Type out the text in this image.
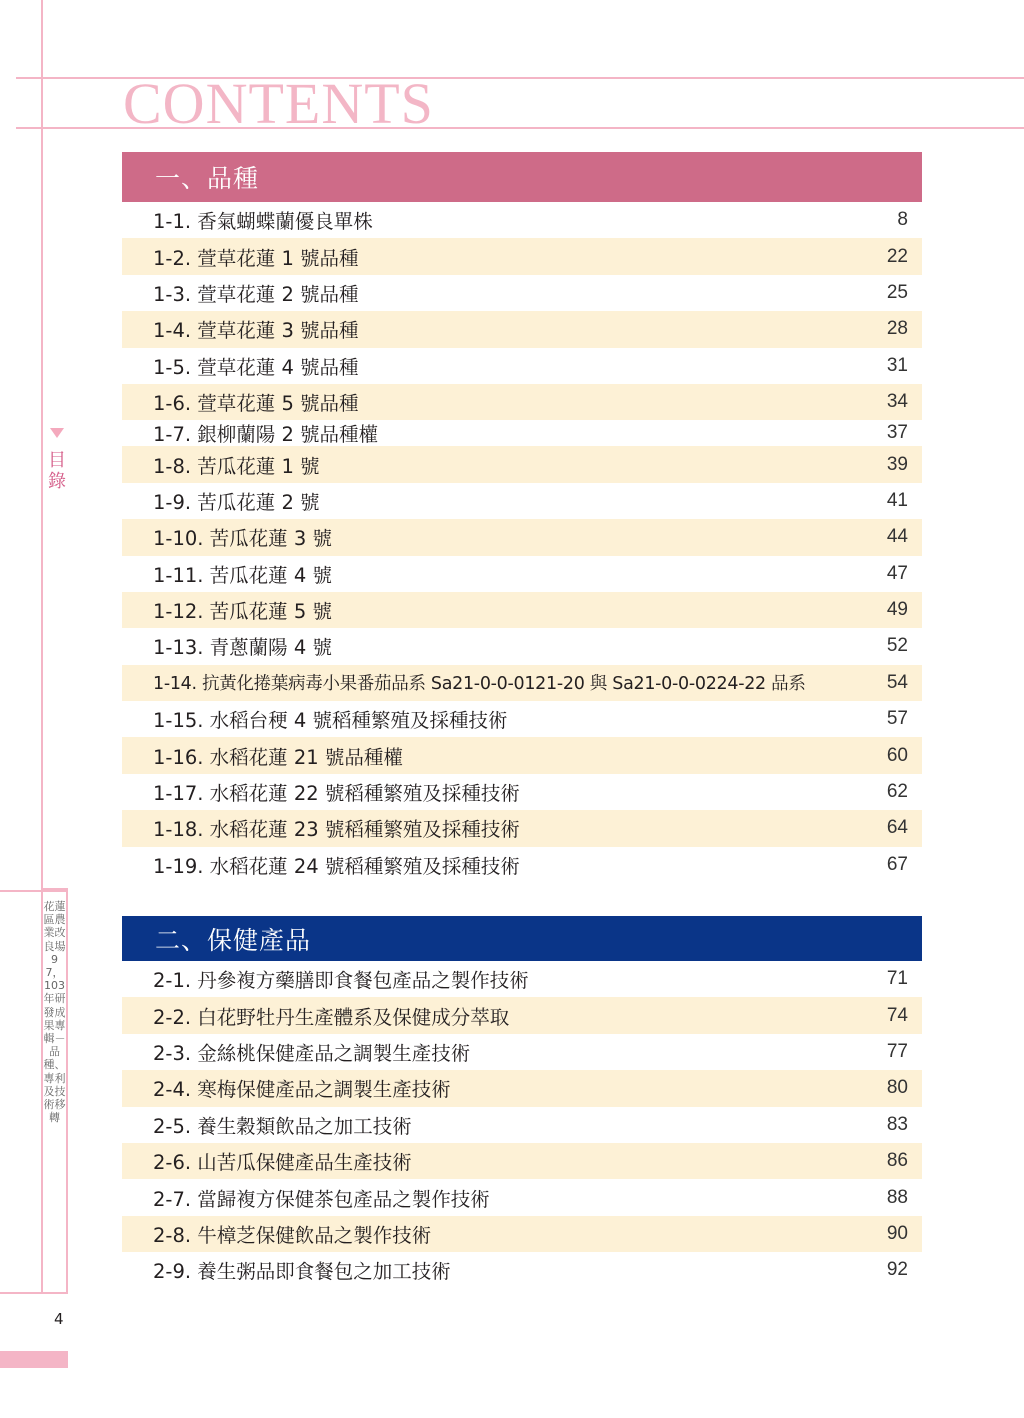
CONTENTS
目錄
花蓮區農業改良場97，103年研發成果專輯－品種、專利及技術移轉
4
一、品種
1-1. 香氣蝴蝶蘭優良單株	8
1-2. 萱草花蓮 1 號品種	22
1-3. 萱草花蓮 2 號品種	25
1-4. 萱草花蓮 3 號品種	28
1-5. 萱草花蓮 4 號品種	31
1-6. 萱草花蓮 5 號品種	34
1-7. 銀柳蘭陽 2 號品種權	37
1-8. 苦瓜花蓮 1 號	39
1-9. 苦瓜花蓮 2 號	41
1-10. 苦瓜花蓮 3 號	44
1-11. 苦瓜花蓮 4 號	47
1-12. 苦瓜花蓮 5 號	49
1-13. 青蔥蘭陽 4 號	52
1-14. 抗黃化捲葉病毒小果番茄品系 Sa21-0-0-0121-20 與 Sa21-0-0-0224-22 品系	54
1-15. 水稻台稉 4 號稻種繁殖及採種技術	57
1-16. 水稻花蓮 21 號品種權	60
1-17. 水稻花蓮 22 號稻種繁殖及採種技術	62
1-18. 水稻花蓮 23 號稻種繁殖及採種技術	64
1-19. 水稻花蓮 24 號稻種繁殖及採種技術	67
二、保健產品
2-1. 丹參複方藥膳即食餐包產品之製作技術	71
2-2. 白花野牡丹生產體系及保健成分萃取	74
2-3. 金絲桃保健產品之調製生產技術	77
2-4. 寒梅保健產品之調製生產技術	80
2-5. 養生穀類飲品之加工技術	83
2-6. 山苦瓜保健產品生產技術	86
2-7. 當歸複方保健茶包產品之製作技術	88
2-8. 牛樟芝保健飲品之製作技術	90
2-9. 養生粥品即食餐包之加工技術	92
